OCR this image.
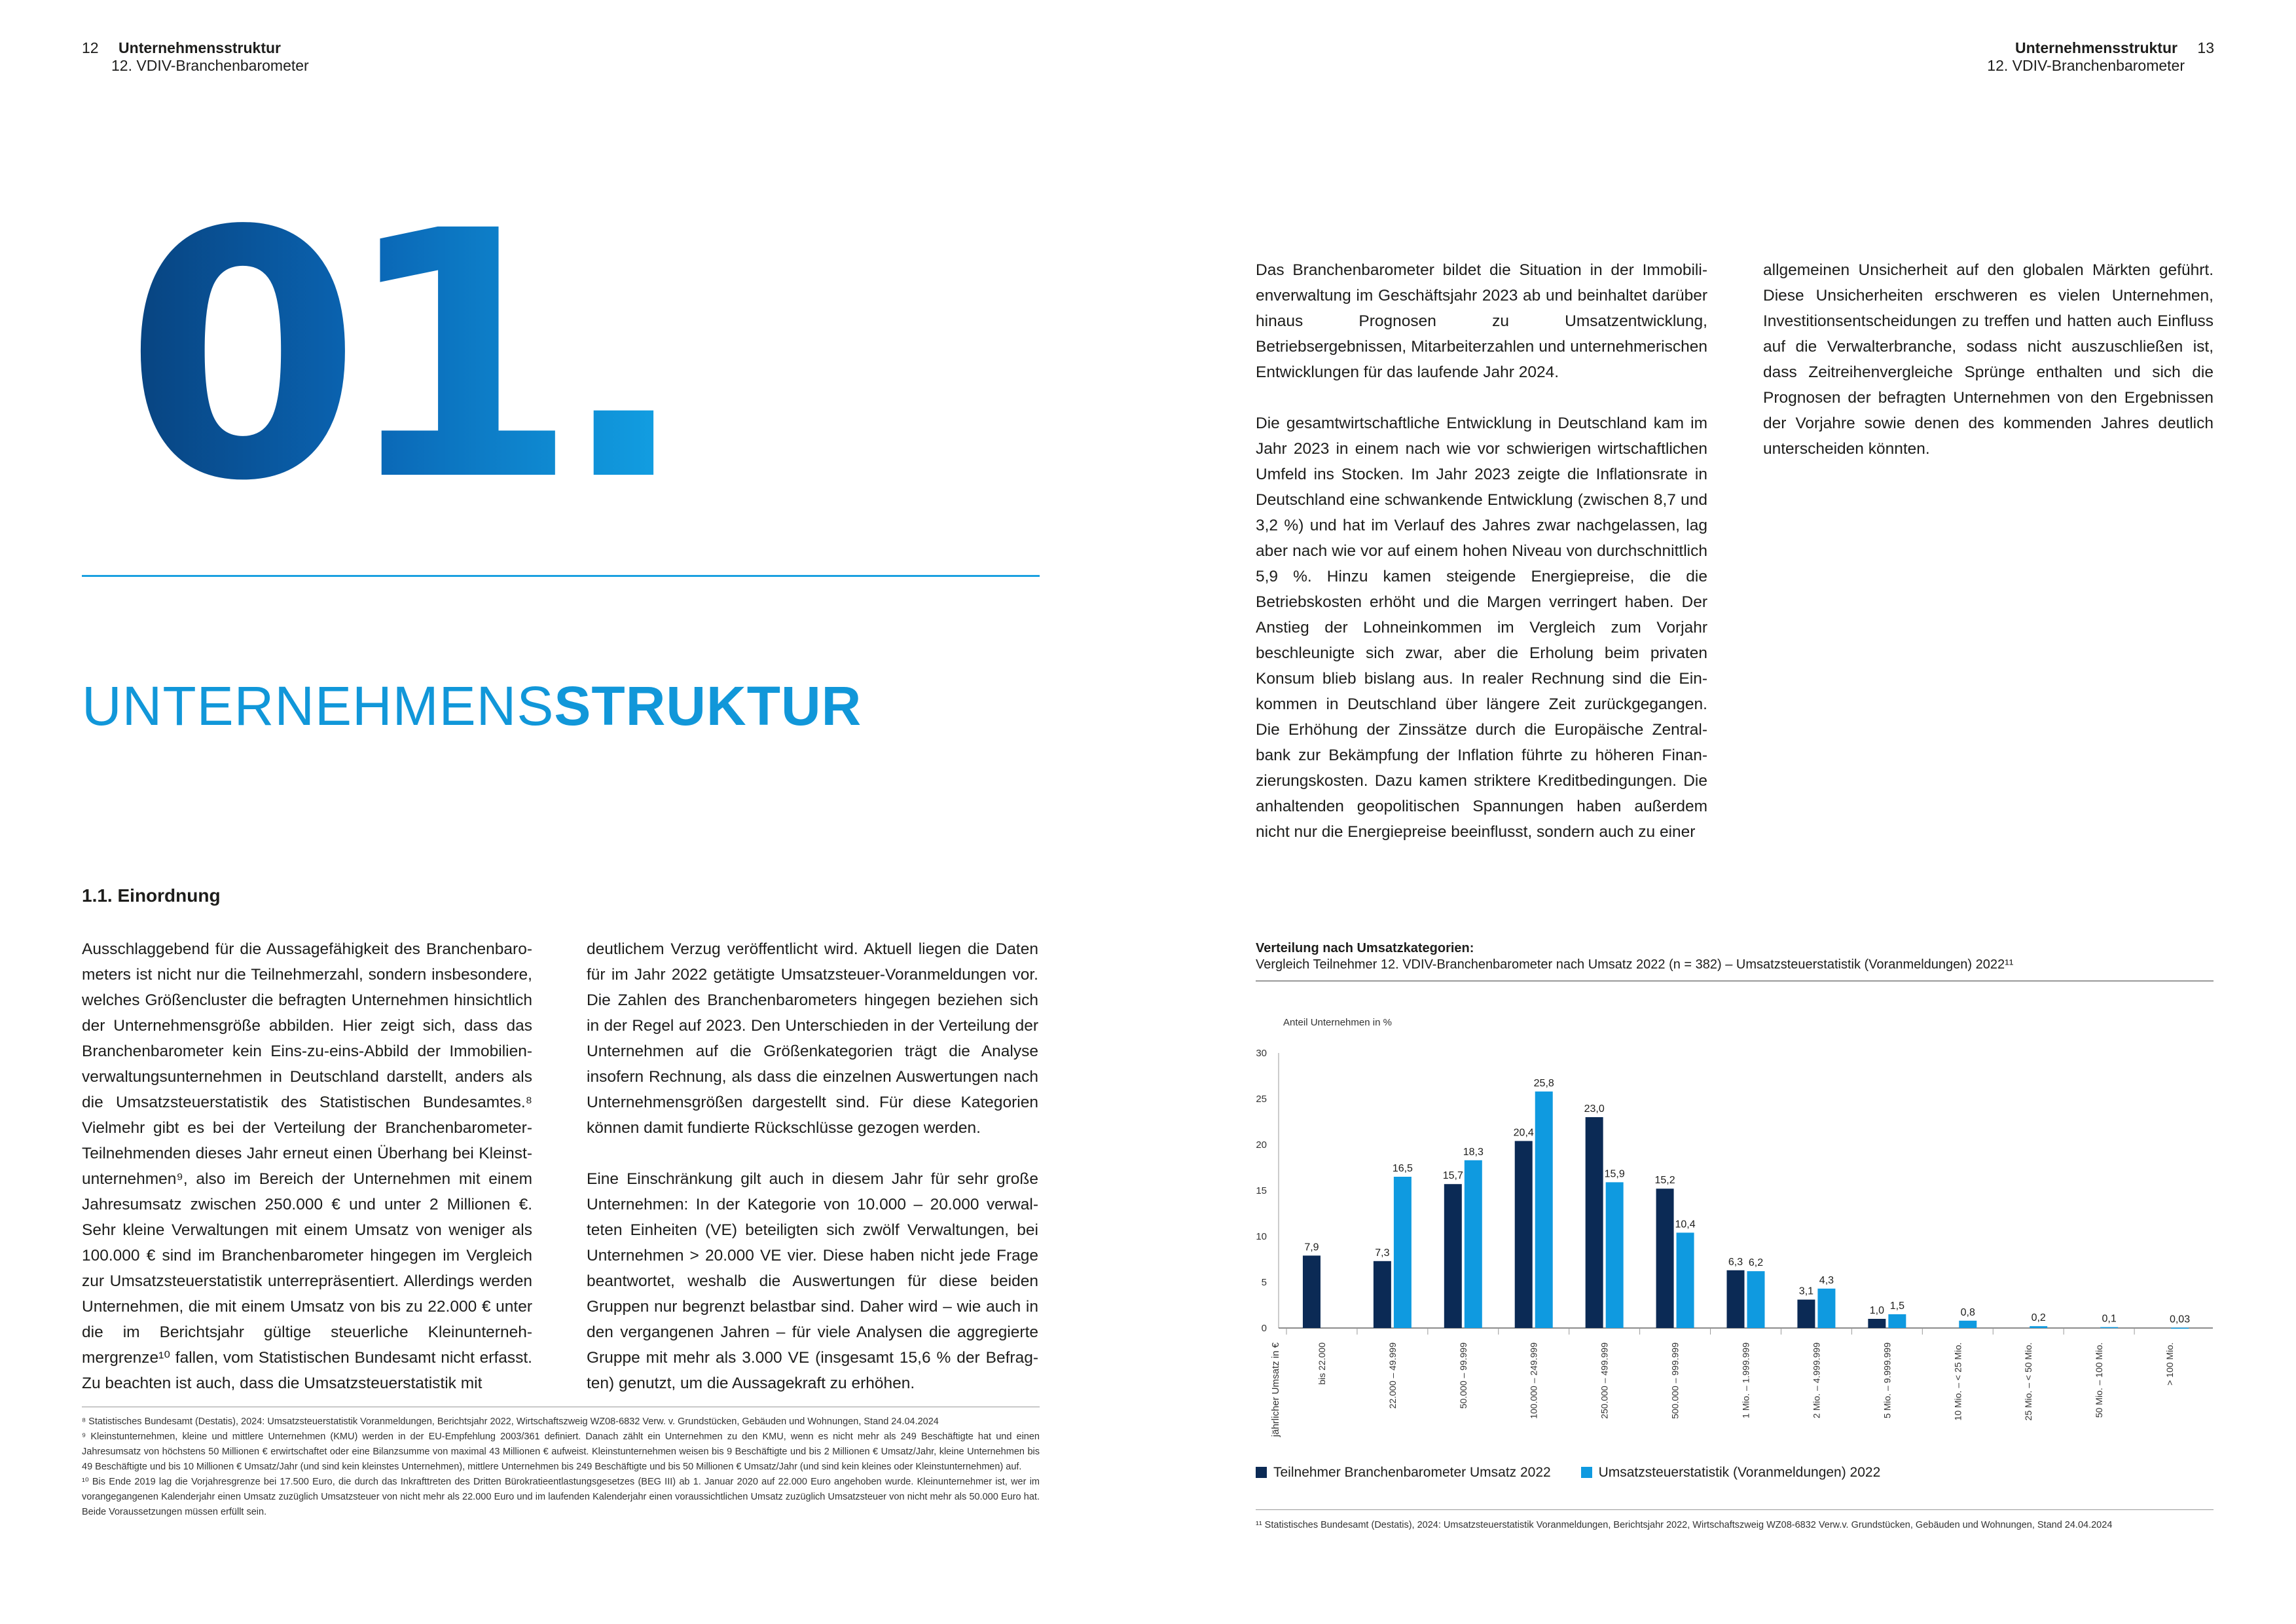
12 Unternehmensstruktur
12. VDIV-Branchenbarometer
Unternehmensstruktur 13
12. VDIV-Branchenbarometer
01.
UNTERNEHMENSSTRUKTUR
1.1. Einordnung

Ausschlaggebend für die Aussagefähigkeit des Branchenbarometers ist nicht nur die Teilnehmerzahl, sondern insbesondere, welches Größencluster die befragten Unternehmen hinsichtlich der Unternehmensgröße abbilden. Hier zeigt sich, dass das Branchenbarometer kein Eins-zu-eins-Abbild der Immobilienverwaltungsunternehmen in Deutschland darstellt, anders als die Umsatzsteuerstatistik des Statistischen Bundesamtes.⁸ Vielmehr gibt es bei der Verteilung der Branchenbarometer-Teilnehmenden dieses Jahr erneut einen Überhang bei Kleinstunternehmen⁹, also im Bereich der Unternehmen mit einem Jahresumsatz zwischen 250.000 € und unter 2 Millionen €. Sehr kleine Verwaltungen mit einem Umsatz von weniger als 100.000 € sind im Branchenbarometer hingegen im Vergleich zur Umsatzsteuerstatistik unterrepräsentiert. Allerdings werden Unternehmen, die mit einem Umsatz von bis zu 22.000 € unter die im Berichtsjahr gültige steuerliche Kleinunternehmergrenze¹⁰ fallen, vom Statistischen Bundesamt nicht erfasst. Zu beachten ist auch, dass die Umsatzsteuerstatistik mit

deutlichem Verzug veröffentlicht wird. Aktuell liegen die Daten für im Jahr 2022 getätigte Umsatzsteuer-Voranmeldungen vor. Die Zahlen des Branchenbarometers hingegen beziehen sich in der Regel auf 2023. Den Unterschieden in der Verteilung der Unternehmen auf die Größenkategorien trägt die Analyse insofern Rechnung, als dass die einzelnen Auswertungen nach Unternehmensgrößen dargestellt sind. Für diese Kategorien können damit fundierte Rückschlüsse gezogen werden.

Eine Einschränkung gilt auch in diesem Jahr für sehr große Unternehmen: In der Kategorie von 10.000 – 20.000 verwalteten Einheiten (VE) beteiligten sich zwölf Verwaltungen, bei Unternehmen > 20.000 VE vier. Diese haben nicht jede Frage beantwortet, weshalb die Auswertungen für diese beiden Gruppen nur begrenzt belastbar sind. Daher wird – wie auch in den vergangenen Jahren – für viele Analysen die aggregierte Gruppe mit mehr als 3.000 VE (insgesamt 15,6 % der Befragten) genutzt, um die Aussagekraft zu erhöhen.

⁸ Statistisches Bundesamt (Destatis), 2024: Umsatzsteuerstatistik Voranmeldungen, Berichtsjahr 2022, Wirtschaftszweig WZ08-6832 Verw. v. Grundstücken, Gebäuden und Wohnungen, Stand 24.04.2024
⁹ Kleinstunternehmen, kleine und mittlere Unternehmen (KMU) werden in der EU-Empfehlung 2003/361 definiert. Danach zählt ein Unternehmen zu den KMU, wenn es nicht mehr als 249 Beschäftigte hat und einen Jahresumsatz von höchstens 50 Millionen € erwirtschaftet oder eine Bilanzsumme von maximal 43 Millionen € aufweist. Kleinstunternehmen weisen bis 9 Beschäftigte und bis 2 Millionen € Umsatz/Jahr, kleine Unternehmen bis 49 Beschäftigte und bis 10 Millionen € Umsatz/Jahr (und sind kein kleinstes Unternehmen), mittlere Unternehmen bis 249 Beschäftigte und bis 50 Millionen € Umsatz/Jahr (und sind kein kleines oder Kleinstunternehmen) auf.
¹⁰ Bis Ende 2019 lag die Vorjahresgrenze bei 17.500 Euro, die durch das Inkrafttreten des Dritten Bürokratieentlastungsgesetzes (BEG III) ab 1. Januar 2020 auf 22.000 Euro angehoben wurde. Kleinunternehmer ist, wer im vorangegangenen Kalenderjahr einen Umsatz zuzüglich Umsatzsteuer von nicht mehr als 22.000 Euro und im laufenden Kalenderjahr einen voraussichtlichen Umsatz zuzüglich Umsatzsteuer von nicht mehr als 50.000 Euro hat. Beide Voraussetzungen müssen erfüllt sein.

Das Branchenbarometer bildet die Situation in der Immobilienverwaltung im Geschäftsjahr 2023 ab und beinhaltet darüber hinaus Prognosen zu Umsatzentwicklung, Betriebsergebnissen, Mitarbeiterzahlen und unternehmerischen Entwicklungen für das laufende Jahr 2024.

Die gesamtwirtschaftliche Entwicklung in Deutschland kam im Jahr 2023 in einem nach wie vor schwierigen wirtschaftlichen Umfeld ins Stocken. Im Jahr 2023 zeigte die Inflationsrate in Deutschland eine schwankende Entwicklung (zwischen 8,7 und 3,2 %) und hat im Verlauf des Jahres zwar nachgelassen, lag aber nach wie vor auf einem hohen Niveau von durchschnittlich 5,9 %. Hinzu kamen steigende Energiepreise, die die Betriebskosten erhöht und die Margen verringert haben. Der Anstieg der Lohneinkommen im Vergleich zum Vorjahr beschleunigte sich zwar, aber die Erholung beim privaten Konsum blieb bislang aus. In realer Rechnung sind die Einkommen in Deutschland über längere Zeit zurückgegangen. Die Erhöhung der Zinssätze durch die Europäische Zentralbank zur Bekämpfung der Inflation führte zu höheren Finanzierungskosten. Dazu kamen striktere Kreditbedingungen. Die anhaltenden geopolitischen Spannungen haben außerdem nicht nur die Energiepreise beeinflusst, sondern auch zu einer

allgemeinen Unsicherheit auf den globalen Märkten geführt. Diese Unsicherheiten erschweren es vielen Unternehmen, Investitionsentscheidungen zu treffen und hatten auch Einfluss auf die Verwalterbranche, sodass nicht auszuschließen ist, dass Zeitreihenvergleiche Sprünge enthalten und sich die Prognosen der befragten Unternehmen von den Ergebnissen der Vorjahre sowie denen des kommenden Jahres deutlich unterscheiden könnten.

Verteilung nach Umsatzkategorien:
Vergleich Teilnehmer 12. VDIV-Branchenbarometer nach Umsatz 2022 (n = 382) – Umsatzsteuerstatistik (Voranmeldungen) 2022¹¹
Anteil Unternehmen in %
0
5
10
15
20
25
30
jährlicher Umsatz in €	bis 22.000	22.000 – 49.999	50.000 – 99.999	100.000 – 249.999	250.000 – 499.999	500.000 – 999.999	1 Mio. – 1.999.999	2 Mio. – 4.999.999	5 Mio. – 9.999.999	10 Mio. – < 25 Mio.	25 Mio. – < 50 Mio.	50 Mio. – 100 Mio.	> 100 Mio.
7,9	7,3
16,5
15,7
18,3
20,4
25,8
23,0
15,9
15,2
10,4
6,3 6,2
3,1
4,3
1,0 1,5
0,8	0,2	0,1	0,03
Teilnehmer Branchenbarometer Umsatz 2022	Umsatzsteuerstatistik (Voranmeldungen) 2022
¹¹ Statistisches Bundesamt (Destatis), 2024: Umsatzsteuerstatistik Voranmeldungen, Berichtsjahr 2022, Wirtschaftszweig WZ08-6832 Verw.v. Grundstücken, Gebäuden und Wohnungen, Stand 24.04.2024
